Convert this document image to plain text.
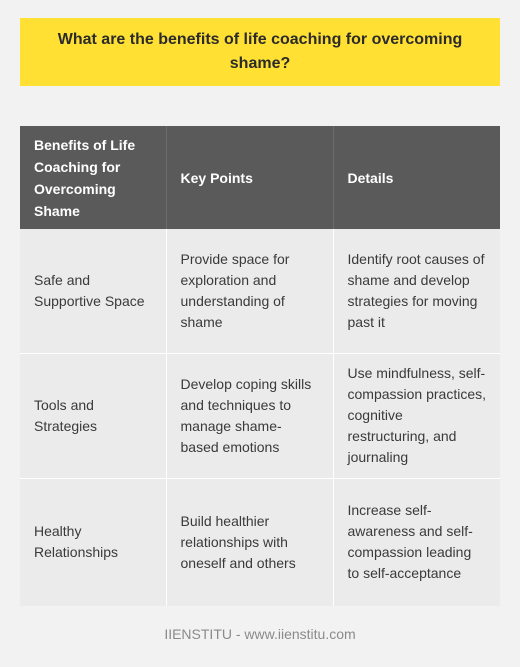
What are the benefits of life coaching for overcoming shame?
Benefits of Life Coaching for Overcoming Shame	Key Points	Details
Safe and Supportive Space	Provide space for exploration and understanding of shame	Identify root causes of shame and develop strategies for moving past it
Tools and Strategies	Develop coping skills and techniques to manage shame-based emotions	Use mindfulness, self-compassion practices, cognitive restructuring, and journaling
Healthy Relationships	Build healthier relationships with oneself and others	Increase self-awareness and self-compassion leading to self-acceptance
IIENSTITU - www.iienstitu.com
